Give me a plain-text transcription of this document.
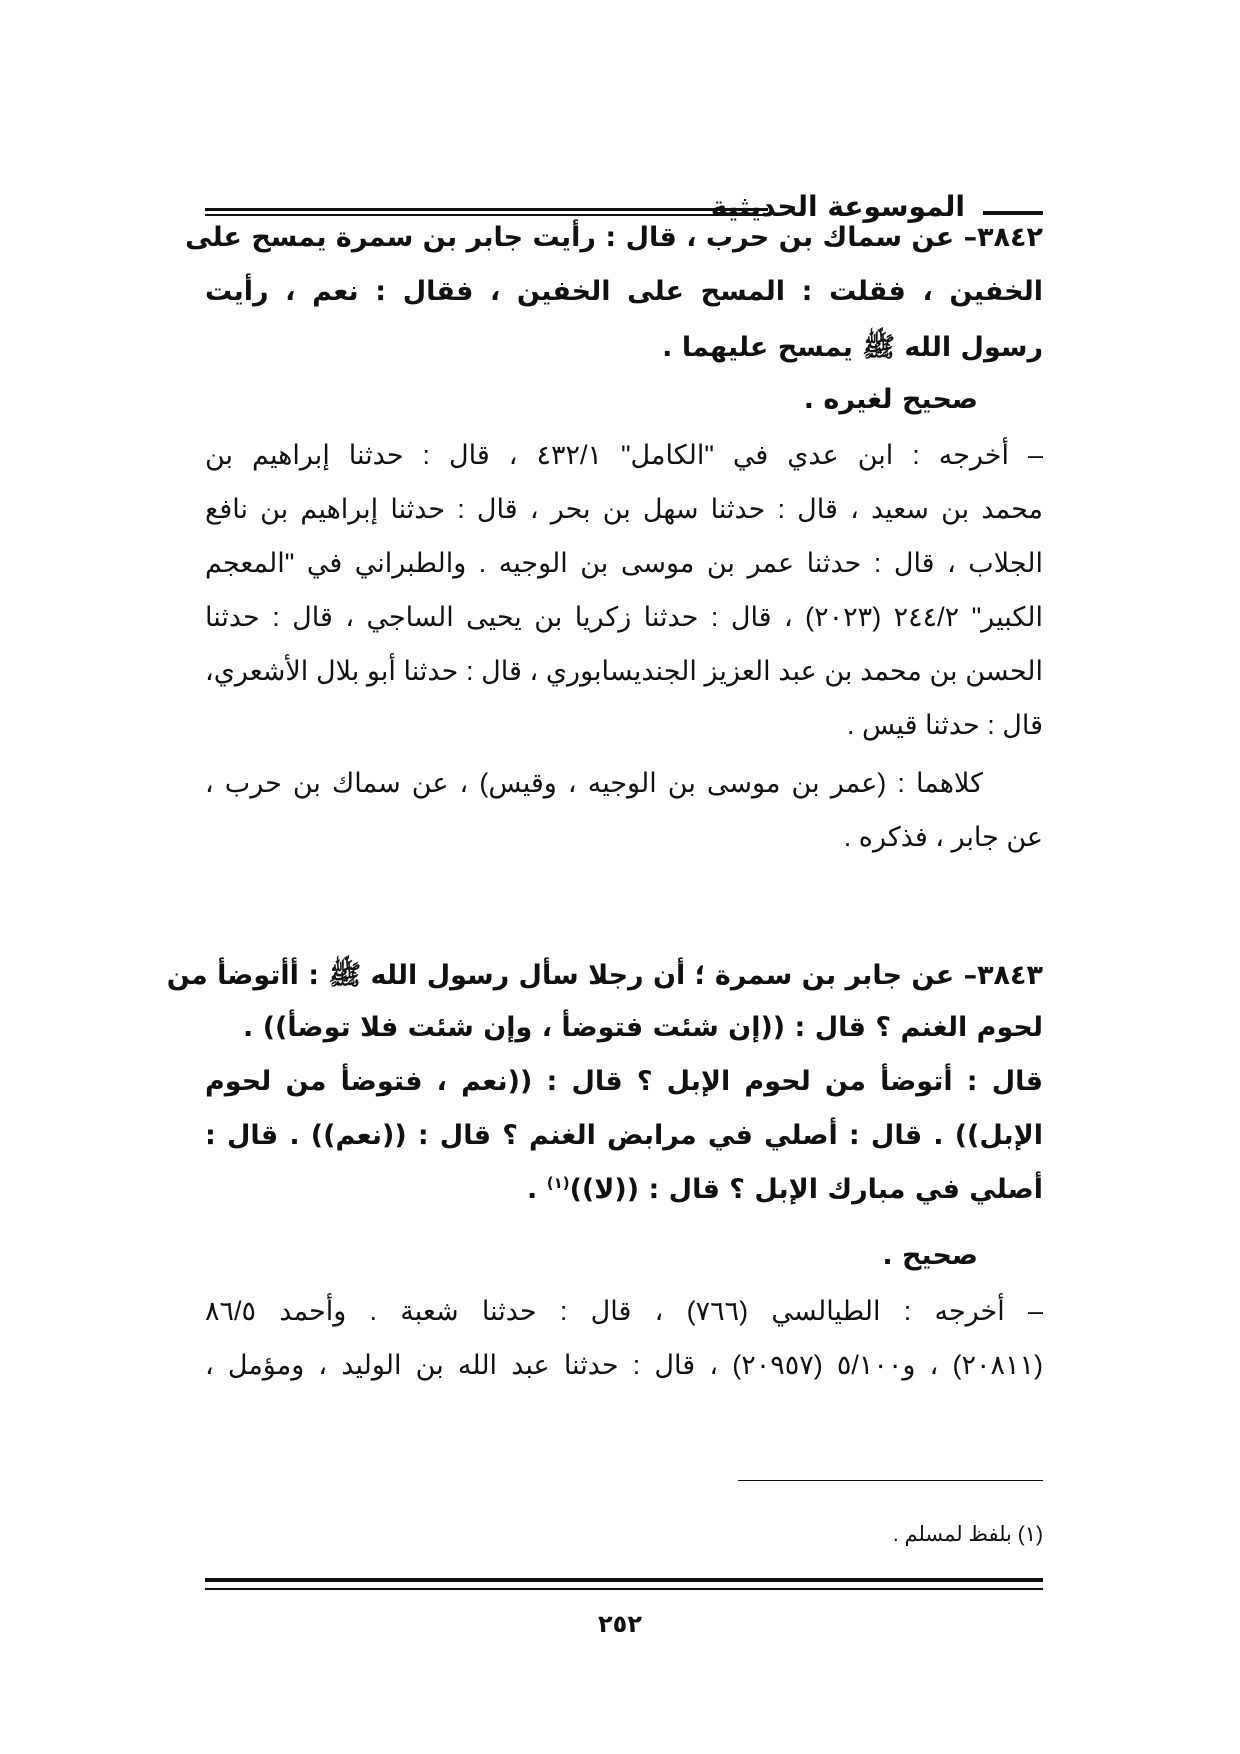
الموسوعة الحديثية
٣٨٤٢– عن سماك بن حرب ، قال : رأيت جابر بن سمرة يمسح على
الخفين ، فقلت : المسح على الخفين ، فقال : نعم ، رأيت
رسول الله ﷺ يمسح عليهما .
صحيح لغيره .
– أخرجه : ابن عدي في "الكامل" ٤٣٢/١ ، قال : حدثنا إبراهيم بن
محمد بن سعيد ، قال : حدثنا سهل بن بحر ، قال : حدثنا إبراهيم بن نافع
الجلاب ، قال : حدثنا عمر بن موسى بن الوجيه . والطبراني في "المعجم
الكبير" ٢٤٤/٢ (٢٠٢٣) ، قال : حدثنا زكريا بن يحيى الساجي ، قال : حدثنا
الحسن بن محمد بن عبد العزيز الجنديسابوري ، قال : حدثنا أبو بلال الأشعري،
قال : حدثنا قيس .
كلاهما : (عمر بن موسى بن الوجيه ، وقيس) ، عن سماك بن حرب ،
عن جابر ، فذكره .
٣٨٤٣– عن جابر بن سمرة ؛ أن رجلا سأل رسول الله ﷺ : أأتوضأ من
لحوم الغنم ؟ قال : ((إن شئت فتوضأ ، وإن شئت فلا توضأ)) .
قال : أتوضأ من لحوم الإبل ؟ قال : ((نعم ، فتوضأ من لحوم
الإبل)) . قال : أصلي في مرابض الغنم ؟ قال : ((نعم)) . قال :
أصلي في مبارك الإبل ؟ قال : ((لا))$^{(١)}$ .
صحيح .
– أخرجه : الطيالسي (٧٦٦) ، قال : حدثنا شعبة . وأحمد ٨٦/٥
(٢٠٨١١) ، و٥/١٠٠ (٢٠٩٥٧) ، قال : حدثنا عبد الله بن الوليد ، ومؤمل ،
(١) بلفظ لمسلم .
٢٥٢
